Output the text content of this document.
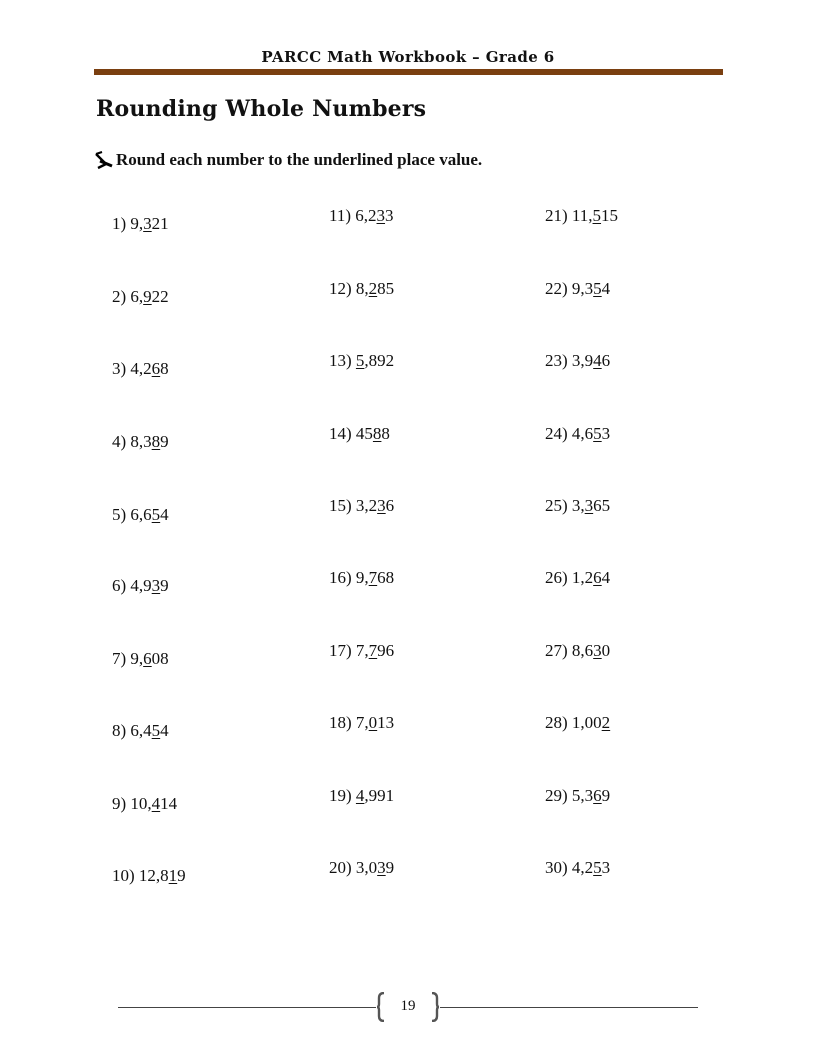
PARCC Math Workbook – Grade 6
Rounding Whole Numbers
Round each number to the underlined place value.
1) 9,321
2) 6,922
3) 4,268
4) 8,389
5) 6,654
6) 4,939
7) 9,608
8) 6,454
9) 10,414
10) 12,819
11) 6,233
12) 8,285
13) 5,892
14) 4588
15) 3,236
16) 9,768
17) 7,796
18) 7,013
19) 4,991
20) 3,039
21) 11,515
22) 9,354
23) 3,946
24) 4,653
25) 3,365
26) 1,264
27) 8,630
28) 1,002
29) 5,369
30) 4,253
19
